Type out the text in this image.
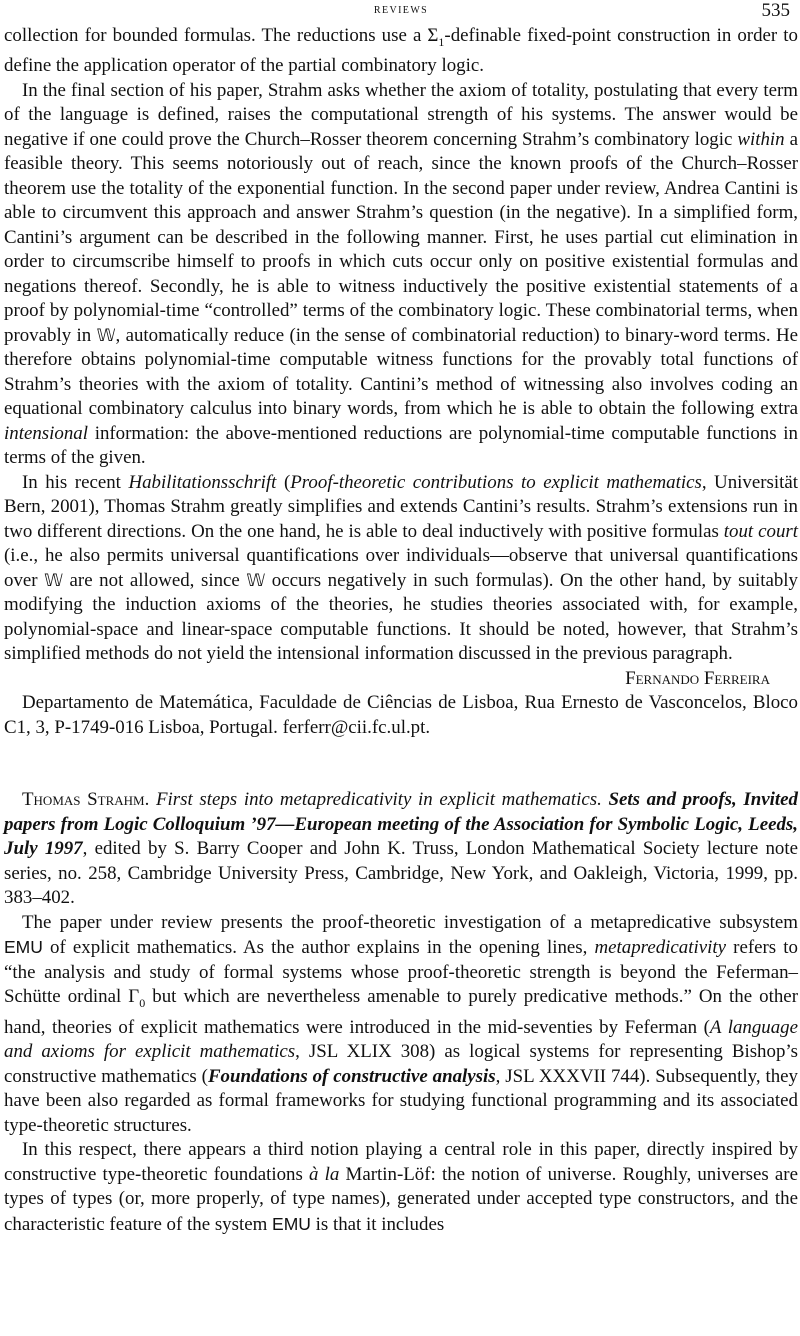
reviews	535

collection for bounded formulas. The reductions use a $\Sigma_1$-definable fixed-point construction in order to define the application operator of the partial combinatory logic.

In the final section of his paper, Strahm asks whether the axiom of totality, postulating that every term of the language is defined, raises the computational strength of his systems. The answer would be negative if one could prove the Church–Rosser theorem concerning Strahm’s combinatory logic within a feasible theory. This seems notoriously out of reach, since the known proofs of the Church–Rosser theorem use the totality of the exponential function. In the second paper under review, Andrea Cantini is able to circumvent this approach and answer Strahm’s question (in the negative). In a simplified form, Cantini’s argument can be described in the following manner. First, he uses partial cut elimination in order to circumscribe himself to proofs in which cuts occur only on positive existential formulas and negations thereof. Secondly, he is able to witness inductively the positive existential statements of a proof by polynomial-time “controlled” terms of the combinatory logic. These combinatorial terms, when provably in 𝕎, automatically reduce (in the sense of combinatorial reduction) to binary-word terms. He therefore obtains polynomial-time computable witness functions for the provably total functions of Strahm’s theories with the axiom of totality. Cantini’s method of witnessing also involves coding an equational combinatory calculus into binary words, from which he is able to obtain the following extra intensional information: the above-mentioned reductions are polynomial-time computable functions in terms of the given.

In his recent Habilitationsschrift (Proof-theoretic contributions to explicit mathematics, Universität Bern, 2001), Thomas Strahm greatly simplifies and extends Cantini’s results. Strahm’s extensions run in two different directions. On the one hand, he is able to deal inductively with positive formulas tout court (i.e., he also permits universal quantifications over individuals—observe that universal quantifications over 𝕎 are not allowed, since 𝕎 occurs negatively in such formulas). On the other hand, by suitably modifying the induction axioms of the theories, he studies theories associated with, for example, polynomial-space and linear-space computable functions. It should be noted, however, that Strahm’s simplified methods do not yield the intensional information discussed in the previous paragraph.

Fernando Ferreira

Departamento de Matemática, Faculdade de Ciências de Lisboa, Rua Ernesto de Vasconcelos, Bloco C1, 3, P-1749-016 Lisboa, Portugal. ferferr@cii.fc.ul.pt.

Thomas Strahm. First steps into metapredicativity in explicit mathematics. Sets and proofs, Invited papers from Logic Colloquium ’97—European meeting of the Association for Symbolic Logic, Leeds, July 1997, edited by S. Barry Cooper and John K. Truss, London Mathematical Society lecture note series, no. 258, Cambridge University Press, Cambridge, New York, and Oakleigh, Victoria, 1999, pp. 383–402.

The paper under review presents the proof-theoretic investigation of a metapredicative subsystem EMU of explicit mathematics. As the author explains in the opening lines, metapredicativity refers to “the analysis and study of formal systems whose proof-theoretic strength is beyond the Feferman–Schütte ordinal $\Gamma_0$ but which are nevertheless amenable to purely predicative methods.” On the other hand, theories of explicit mathematics were introduced in the mid-seventies by Feferman (A language and axioms for explicit mathematics, JSL XLIX 308) as logical systems for representing Bishop’s constructive mathematics (Foundations of constructive analysis, JSL XXXVII 744). Subsequently, they have been also regarded as formal frameworks for studying functional programming and its associated type-theoretic structures.

In this respect, there appears a third notion playing a central role in this paper, directly inspired by constructive type-theoretic foundations à la Martin-Löf: the notion of universe. Roughly, universes are types of types (or, more properly, of type names), generated under accepted type constructors, and the characteristic feature of the system EMU is that it includes
